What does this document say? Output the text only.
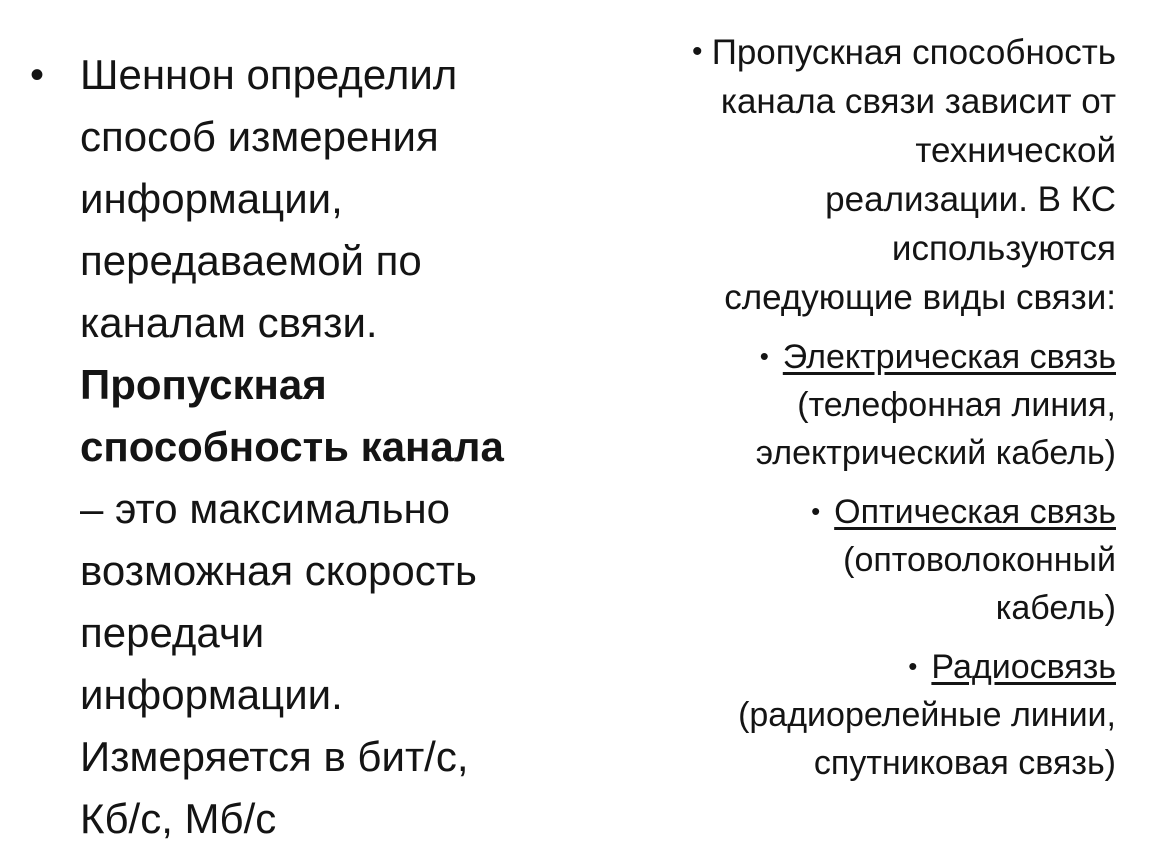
• Шеннон определил
способ измерения
информации,
передаваемой по
каналам связи.
Пропускная
способность канала
– это максимально
возможная скорость
передачи
информации.
Измеряется в бит/с,
Кб/с, Мб/с
• Пропускная способность
канала связи зависит от
технической
реализации. В КС
используются
следующие виды связи:
• Электрическая связь
(телефонная линия,
электрический кабель)
• Оптическая связь
(оптоволоконный
кабель)
• Радиосвязь
(радиорелейные линии,
спутниковая связь)
